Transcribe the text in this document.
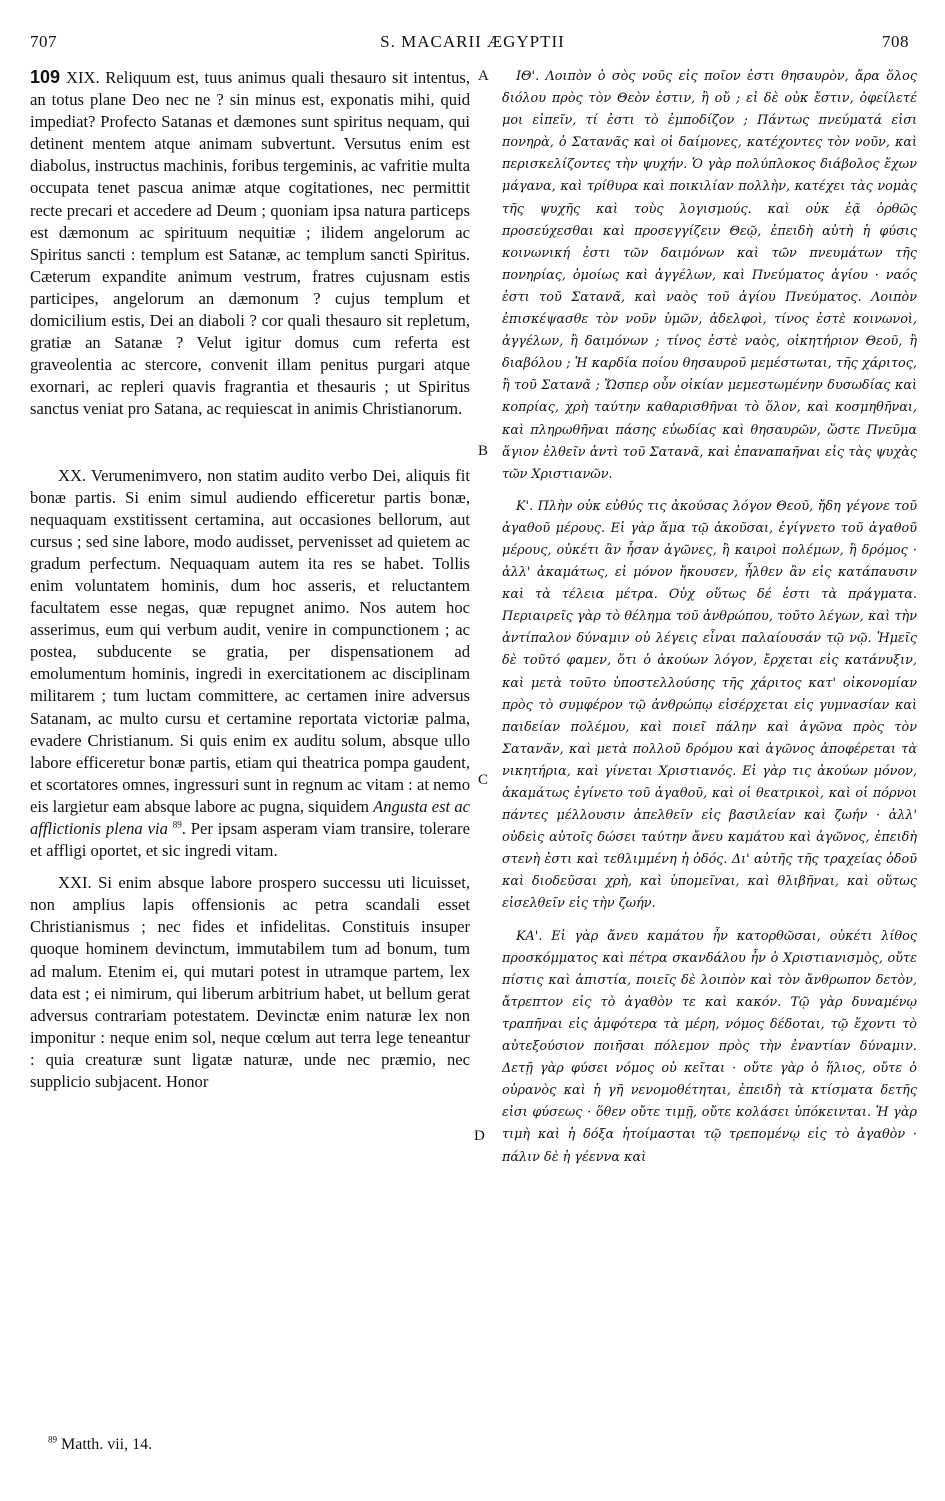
707	S. MACARII ÆGYPTII	708

109 XIX. Reliquum est, tuus animus quali thesauro sit intentus, an totus plane Deo nec ne ? sin minus est, exponatis mihi, quid impediat? Profecto Satanas et dæmones sunt spiritus nequam, qui detinent mentem atque animam subvertunt. Versutus enim est diabolus, instructus machinis, foribus tergeminis, ac vafritie multa occupata tenet pascua animæ atque cogitationes, nec permittit recte precari et accedere ad Deum ; quoniam ipsa natura particeps est dæmonum ac spirituum nequitiæ ; ilidem angelorum ac Spiritus sancti : templum est Satanæ, ac templum sancti Spiritus. Cæterum expandite animum vestrum, fratres cujusnam estis participes, angelorum an dæmonum ? cujus templum et domicilium estis, Dei an diaboli ? cor quali thesauro sit repletum, gratiæ an Satanæ ? Velut igitur domus cum referta est graveolentia ac stercore, convenit illam penitus purgari atque exornari, ac repleri quavis fragrantia et thesauris ; ut Spiritus sanctus veniat pro Satana, ac requiescat in animis Christianorum.

XX. Verumenimvero, non statim audito verbo Dei, aliquis fit bonæ partis. Si enim simul audiendo efficeretur partis bonæ, nequaquam exstitissent certamina, aut occasiones bellorum, aut cursus ; sed sine labore, modo audisset, pervenisset ad quietem ac gradum perfectum. Nequaquam autem ita res se habet. Tollis enim voluntatem hominis, dum hoc asseris, et reluctantem facultatem esse negas, quæ repugnet animo. Nos autem hoc asserimus, eum qui verbum audit, venire in compunctionem ; ac postea, subducente se gratia, per dispensationem ad emolumentum hominis, ingredi in exercitationem ac disciplinam militarem ; tum luctam committere, ac certamen inire adversus Satanam, ac multo cursu et certamine reportata victoriæ palma, evadere Christianum. Si quis enim ex auditu solum, absque ullo labore efficeretur bonæ partis, etiam qui theatrica pompa gaudent, et scortatores omnes, ingressuri sunt in regnum ac vitam : at nemo eis largietur eam absque labore ac pugna, siquidem Angusta est ac afflictionis plena via $^{89}$. Per ipsam asperam viam transire, tolerare et affligi oportet, et sic ingredi vitam.

XXI. Si enim absque labore prospero successu uti licuisset, non amplius lapis offensionis ac petra scandali esset Christianismus ; nec fides et infidelitas. Constituis insuper quoque hominem devinctum, immutabilem tum ad bonum, tum ad malum. Etenim ei, qui mutari potest in utramque partem, lex data est ; ei nimirum, qui liberum arbitrium habet, ut bellum gerat adversus contrariam potestatem. Devinctæ enim naturæ lex non imponitur : neque enim sol, neque cœlum aut terra lege teneantur : quia creaturæ sunt ligatæ naturæ, unde nec præmio, nec supplicio subjacent. Honor

A
B
C
D

ΙΘ'. Λοιπὸν ὁ σὸς νοῦς εἰς ποῖον ἐστι θησαυρὸν, ἄρα ὅλος διόλου πρὸς τὸν Θεὸν ἐστιν, ἢ οὔ ; εἰ δὲ οὐκ ἔστιν, ὀφείλετέ μοι εἰπεῖν, τί ἐστι τὸ ἐμποδίζον ; Πάντως πνεύματά εἰσι πονηρὰ, ὁ Σατανᾶς καὶ οἱ δαίμονες, κατέχοντες τὸν νοῦν, καὶ περισκελίζοντες τὴν ψυχήν. Ὁ γὰρ πολύπλοκος διάβολος ἔχων μάγανα, καὶ τρίθυρα καὶ ποικιλίαν πολλὴν, κατέχει τὰς νομὰς τῆς ψυχῆς καὶ τοὺς λογισμούς. καὶ οὐκ ἐᾷ ὀρθῶς προσεύχεσθαι καὶ προσεγγίζειν Θεῷ, ἐπειδὴ αὐτὴ ἡ φύσις κοινωνική ἐστι τῶν δαιμόνων καὶ τῶν πνευμάτων τῆς πονηρίας, ὁμοίως καὶ ἀγγέλων, καὶ Πνεύματος ἁγίου · ναός ἐστι τοῦ Σατανᾶ, καὶ ναὸς τοῦ ἁγίου Πνεύματος. Λοιπὸν ἐπισκέψασθε τὸν νοῦν ὑμῶν, ἀδελφοὶ, τίνος ἐστὲ κοινωνοὶ, ἀγγέλων, ἢ δαιμόνων ; τίνος ἐστὲ ναὸς, οἰκητήριον Θεοῦ, ἢ διαβόλου ; Ἡ καρδία ποίου θησαυροῦ μεμέστωται, τῆς χάριτος, ἢ τοῦ Σατανᾶ ; Ὥσπερ οὖν οἰκίαν μεμεστωμένην δυσωδίας καὶ κοπρίας, χρὴ ταύτην καθαρισθῆναι τὸ ὅλον, καὶ κοσμηθῆναι, καὶ πληρωθῆναι πάσης εὐωδίας καὶ θησαυρῶν, ὥστε Πνεῦμα ἅγιον ἐλθεῖν ἀντὶ τοῦ Σατανᾶ, καὶ ἐπαναπαῆναι εἰς τὰς ψυχὰς τῶν Χριστιανῶν.

Κ'. Πλὴν οὐκ εὐθύς τις ἀκούσας λόγον Θεοῦ, ἤδη γέγονε τοῦ ἀγαθοῦ μέρους. Εἰ γὰρ ἅμα τῷ ἀκοῦσαι, ἐγίγνετο τοῦ ἀγαθοῦ μέρους, οὐκέτι ἂν ἦσαν ἀγῶνες, ἢ καιροὶ πολέμων, ἢ δρόμος · ἀλλ' ἀκαμάτως, εἰ μόνον ἤκουσεν, ἦλθεν ἂν εἰς κατάπαυσιν καὶ τὰ τέλεια μέτρα. Οὐχ οὕτως δέ ἐστι τὰ πράγματα. Περιαιρεῖς γὰρ τὸ θέλημα τοῦ ἀνθρώπου, τοῦτο λέγων, καὶ τὴν ἀντίπαλον δύναμιν οὐ λέγεις εἶναι παλαίουσάν τῷ νῷ. Ἡμεῖς δὲ τοῦτό φαμεν, ὅτι ὁ ἀκούων λόγον, ἔρχεται εἰς κατάνυξιν, καὶ μετὰ τοῦτο ὑποστελλούσης τῆς χάριτος κατ' οἰκονομίαν πρὸς τὸ συμφέρον τῷ ἀνθρώπῳ εἰσέρχεται εἰς γυμνασίαν καὶ παιδείαν πολέμου, καὶ ποιεῖ πάλην καὶ ἀγῶνα πρὸς τὸν Σατανᾶν, καὶ μετὰ πολλοῦ δρόμου καὶ ἀγῶνος ἀποφέρεται τὰ νικητήρια, καὶ γίνεται Χριστιανός. Εἰ γὰρ τις ἀκούων μόνον, ἀκαμάτως ἐγίνετο τοῦ ἀγαθοῦ, καὶ οἱ θεατρικοὶ, καὶ οἱ πόρνοι πάντες μέλλουσιν ἀπελθεῖν εἰς βασιλείαν καὶ ζωήν · ἀλλ' οὐδεὶς αὐτοῖς δώσει ταύτην ἄνευ καμάτου καὶ ἀγῶνος, ἐπειδὴ στενὴ ἐστι καὶ τεθλιμμένη ἡ ὁδός. Δι' αὐτῆς τῆς τραχείας ὁδοῦ καὶ διοδεῦσαι χρὴ, καὶ ὑπομεῖναι, καὶ θλιβῆναι, καὶ οὕτως εἰσελθεῖν εἰς τὴν ζωήν.

ΚΑ'. Εἰ γὰρ ἄνευ καμάτου ἦν κατορθῶσαι, οὐκέτι λίθος προσκόμματος καὶ πέτρα σκανδάλου ἦν ὁ Χριστιανισμὸς, οὔτε πίστις καὶ ἀπιστία, ποιεῖς δὲ λοιπὸν καὶ τὸν ἄνθρωπον δετὸν, ἄτρεπτον εἰς τὸ ἀγαθὸν τε καὶ κακόν. Τῷ γὰρ δυναμένῳ τραπῆναι εἰς ἀμφότερα τὰ μέρη, νόμος δέδοται, τῷ ἔχοντι τὸ αὐτεξούσιον ποιῆσαι πόλεμον πρὸς τὴν ἐναντίαν δύναμιν. Δετῇ γὰρ φύσει νόμος οὐ κεῖται · οὔτε γὰρ ὁ ἥλιος, οὔτε ὁ οὐρανὸς καὶ ἡ γῆ νενομοθέτηται, ἐπειδὴ τὰ κτίσματα δετῆς εἰσι φύσεως · ὅθεν οὔτε τιμῇ, οὔτε κολάσει ὑπόκεινται. Ἡ γὰρ τιμὴ καὶ ἡ δόξα ἡτοίμασται τῷ τρεπομένῳ εἰς τὸ ἀγαθὸν · πάλιν δὲ ἡ γέεννα καὶ

$^{89}$ Matth. vii, 14.
